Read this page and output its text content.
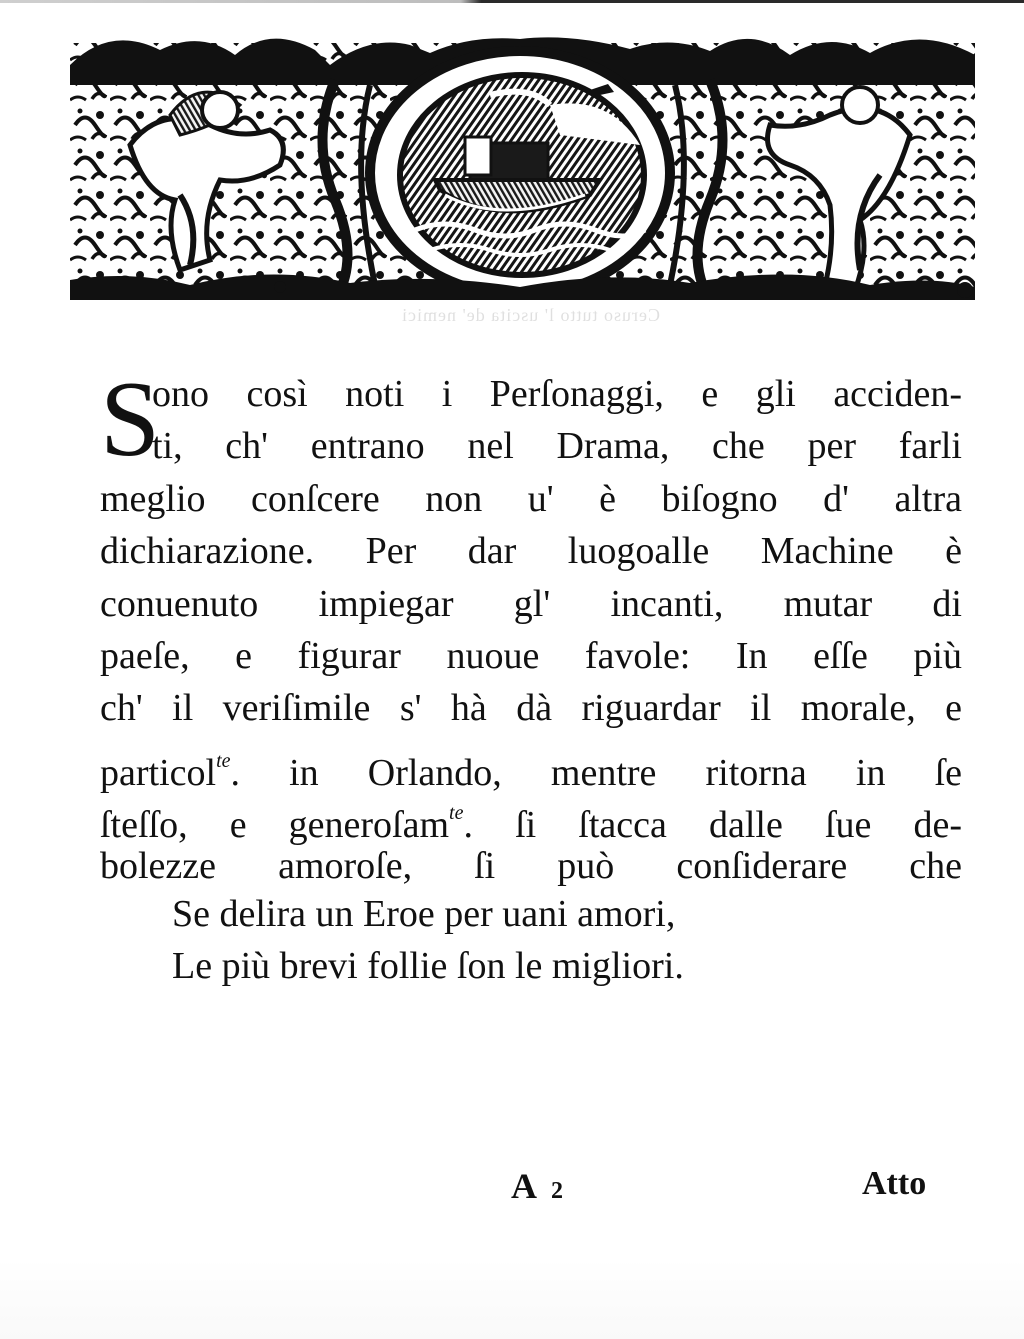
Ceruso tutto l' uscita de' nemici
S
ono così noti i Perſonaggi, e gli acciden-
ti, ch' entrano nel Drama, che per farli
meglio conſcere non u' è biſogno d' altra
dichiarazione. Per dar luogoalle Machine è
conuenuto impiegar gl' incanti, mutar di
paeſe, e figurar nuoue favole: In eſſe più
ch' il veriſimile s' hà dà riguardar il morale, e
particol$^{te}$. in Orlando, mentre ritorna in ſe
ſteſſo, e generoſam$^{te}$. ſi ſtacca dalle ſue de-
bolezze amoroſe, ſi può conſiderare che
Se delira un Eroe per uani amori,
Le più brevi follie ſon le migliori.
A 2	Atto
